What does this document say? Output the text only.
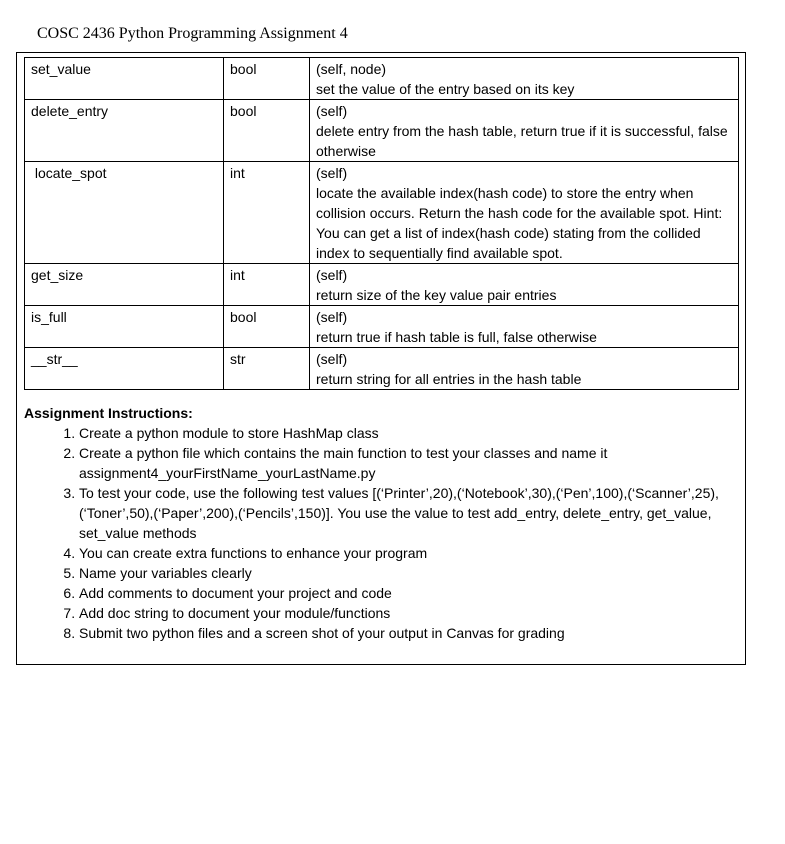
COSC 2436 Python Programming Assignment 4
set_value	bool	(self, node)
set the value of the entry based on its key

delete_entry	bool	(self)
delete entry from the hash table, return true if it is successful, false otherwise

locate_spot	int	(self)
locate the available index(hash code) to store the entry when collision occurs. Return the hash code for the available spot. Hint: You can get a list of index(hash code) stating from the collided index to sequentially find available spot.

get_size	int	(self)
return size of the key value pair entries

is_full	bool	(self)
return true if hash table is full, false otherwise

__str__	str	(self)
return string for all entries in the hash table
Assignment Instructions:
1. Create a python module to store HashMap class
2. Create a python file which contains the main function to test your classes and name it assignment4_yourFirstName_yourLastName.py
3. To test your code, use the following test values [(‘Printer’,20),(‘Notebook’,30),(‘Pen’,100),(‘Scanner’,25),(‘Toner’,50),(‘Paper’,200),(‘Pencils’,150)]. You use the value to test add_entry, delete_entry, get_value, set_value methods
4. You can create extra functions to enhance your program
5. Name your variables clearly
6. Add comments to document your project and code
7. Add doc string to document your module/functions
8. Submit two python files and a screen shot of your output in Canvas for grading
